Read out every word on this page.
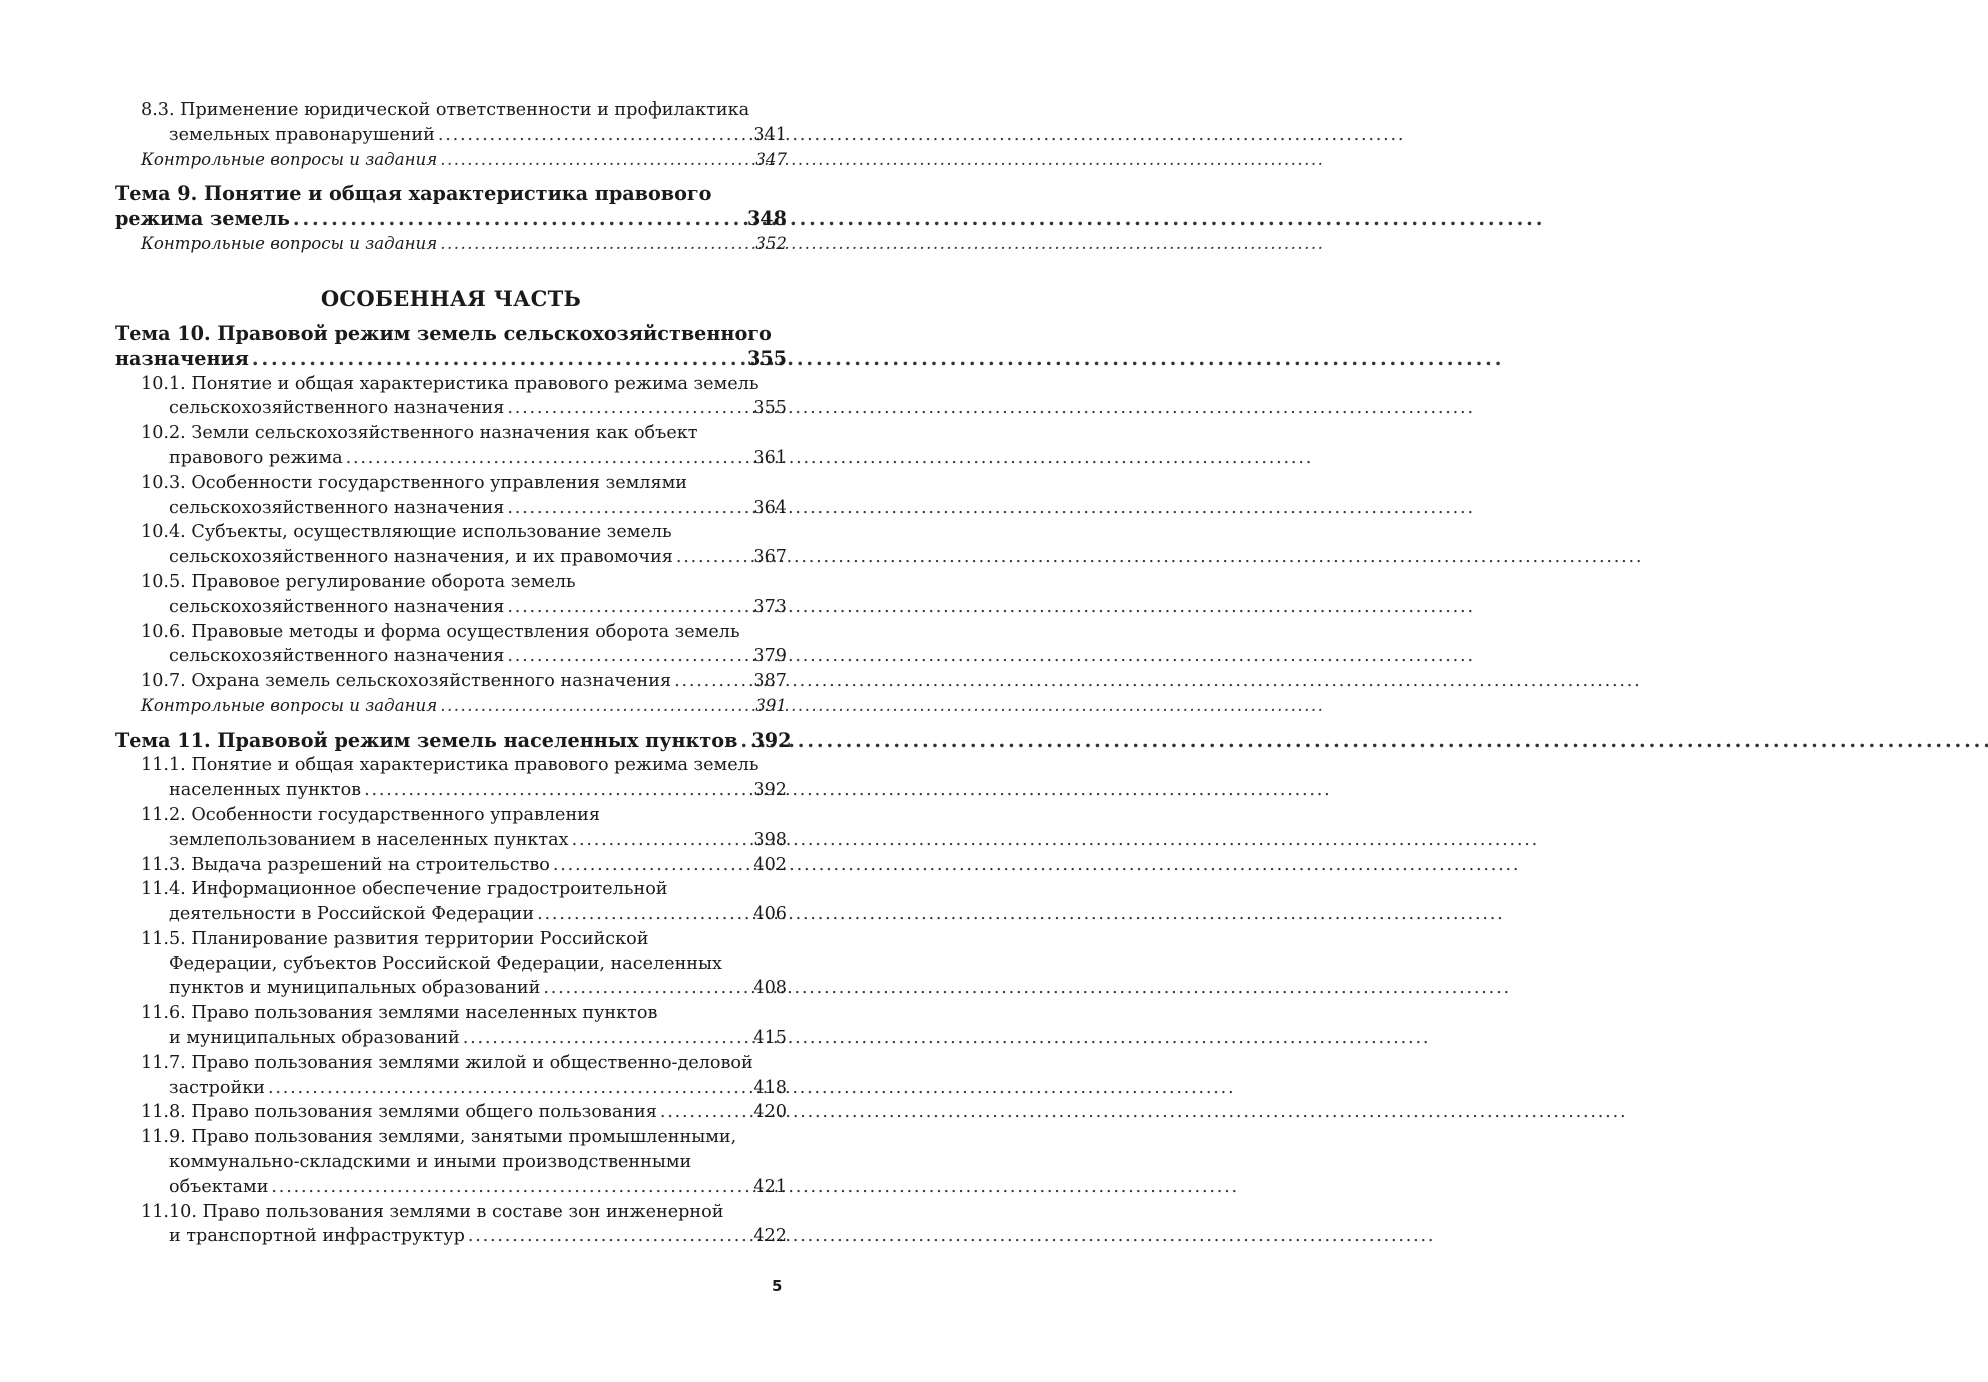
8.3. Применение юридической ответственности и профилактика
земельных правонарушений . . .	341
Контрольные вопросы и задания . . .	347
Тема 9. Понятие и общая характеристика правового
режима земель . . .	348
Контрольные вопросы и задания . . .	352
ОСОБЕННАЯ ЧАСТЬ
Тема 10. Правовой режим земель сельскохозяйственного
назначения . . .	355
10.1. Понятие и общая характеристика правового режима земель
сельскохозяйственного назначения . . .	355
10.2. Земли сельскохозяйственного назначения как объект
правового режима . . .	361
10.3. Особенности государственного управления землями
сельскохозяйственного назначения . . .	364
10.4. Субъекты, осуществляющие использование земель
сельскохозяйственного назначения, и их правомочия . . .	367
10.5. Правовое регулирование оборота земель
сельскохозяйственного назначения . . .	373
10.6. Правовые методы и форма осуществления оборота земель
сельскохозяйственного назначения . . .	379
10.7. Охрана земель сельскохозяйственного назначения . . .	387
Контрольные вопросы и задания . . .	391
Тема 11. Правовой режим земель населенных пунктов . . . 392
11.1. Понятие и общая характеристика правового режима земель
населенных пунктов . . .	392
11.2. Особенности государственного управления
землепользованием в населенных пунктах . . .	398
11.3. Выдача разрешений на строительство . . .	402
11.4. Информационное обеспечение градостроительной
деятельности в Российской Федерации . . .	406
11.5. Планирование развития территории Российской
Федерации, субъектов Российской Федерации, населенных
пунктов и муниципальных образований . . .	408
11.6. Право пользования землями населенных пунктов
и муниципальных образований . . .	415
11.7. Право пользования землями жилой и общественно-деловой
застройки . . .	418
11.8. Право пользования землями общего пользования . . .	420
11.9. Право пользования землями, занятыми промышленными,
коммунально-складскими и иными производственными
объектами . . .	421
11.10. Право пользования землями в составе зон инженерной
и транспортной инфраструктур . . .	422
5
